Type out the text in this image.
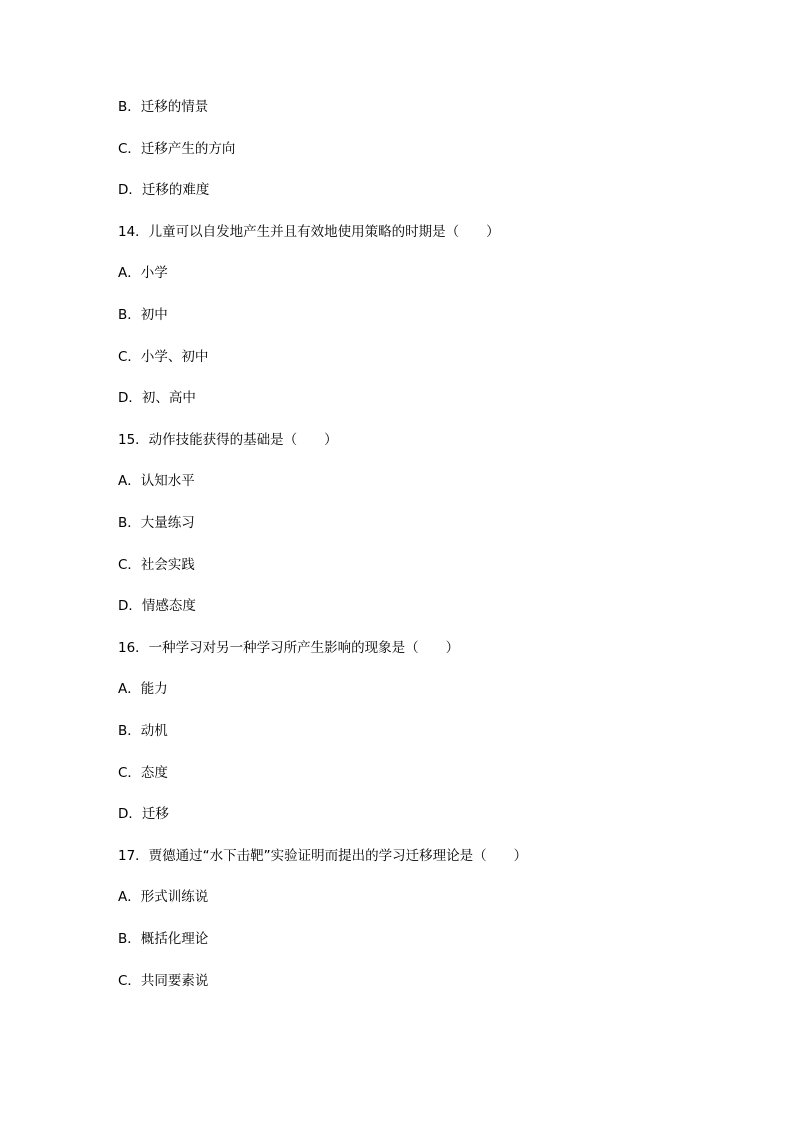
B．迁移的情景
C．迁移产生的方向
D．迁移的难度
14．儿童可以自发地产生并且有效地使用策略的时期是（　　）
A．小学
B．初中
C．小学、初中
D．初、高中
15．动作技能获得的基础是（　　）
A．认知水平
B．大量练习
C．社会实践
D．情感态度
16．一种学习对另一种学习所产生影响的现象是（　　）
A．能力
B．动机
C．态度
D．迁移
17．贾德通过“水下击靶”实验证明而提出的学习迁移理论是（　　）
A．形式训练说
B．概括化理论
C．共同要素说
